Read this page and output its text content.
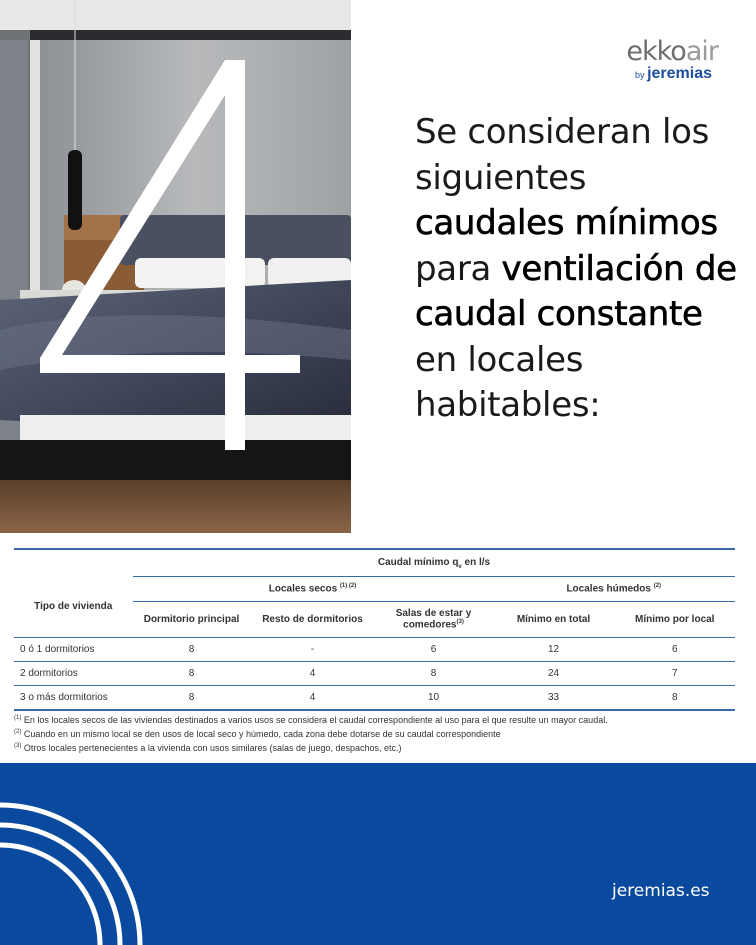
ekkoair
by jeremias
Se consideran los siguientes caudales mínimos para ventilación de caudal constante en locales habitables:
	Caudal mínimo $q_v$ en l/s				
Tipo de vivienda	Locales secos $^{(1) (2)}$			Locales húmedos $^{(2)}$
	Dormitorio principal	Resto de dormitorios	Salas de estar y comedores$^{(3)}$	Mínimo en total	Mínimo por local
0 ó 1 dormitorios	8	-	6	12	6
2 dormitorios	8	4	8	24	7
3 o más dormitorios	8	4	10	33	8
$^{(1)}$ En los locales secos de las viviendas destinados a varios usos se considera el caudal correspondiente al uso para el que resulte un mayor caudal.
$^{(2)}$ Cuando en un mismo local se den usos de local seco y húmedo, cada zona debe dotarse de su caudal correspondiente
$^{(3)}$ Otros locales pertenecientes a la vivienda con usos similares (salas de juego, despachos, etc.)
jeremias.es
